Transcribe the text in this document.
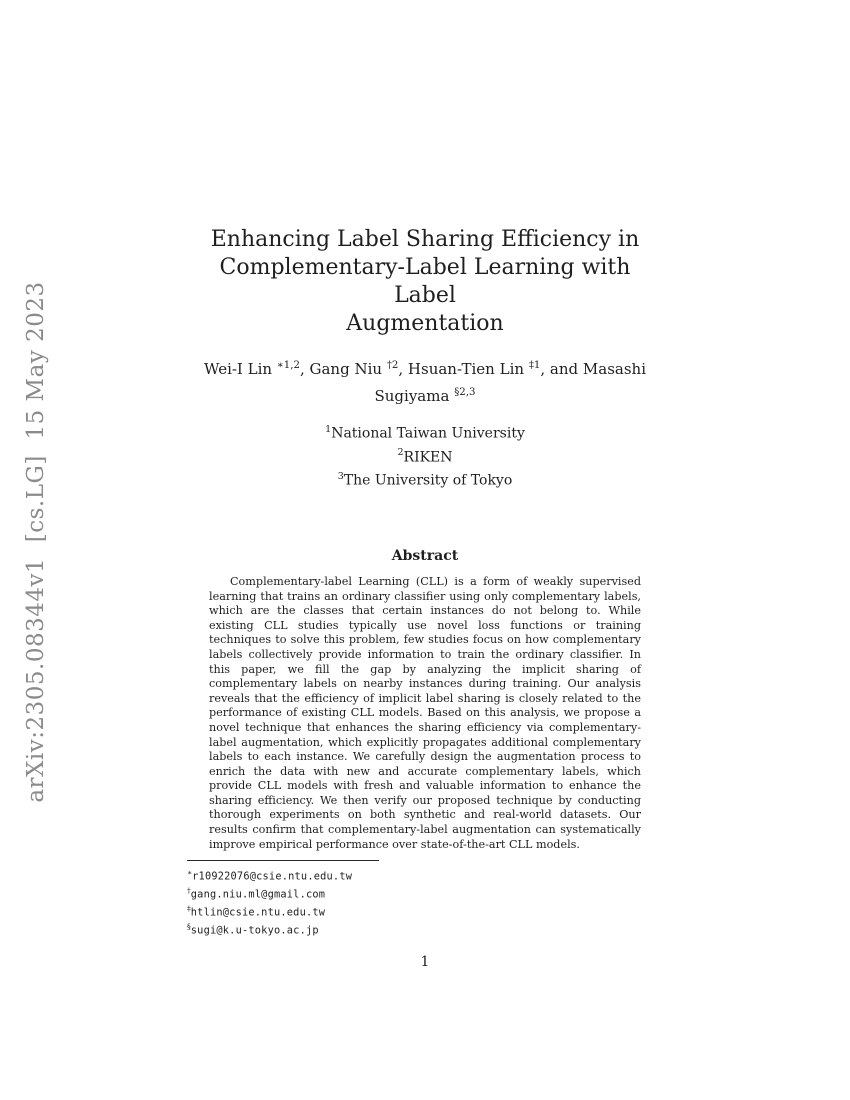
arXiv:2305.08344v1  [cs.LG]  15 May 2023
Enhancing Label Sharing Efficiency in
Complementary-Label Learning with Label
Augmentation
Wei-I Lin $^{∗1,2}$, Gang Niu $^{\dagger 2}$, Hsuan-Tien Lin $^{\ddagger 1}$, and Masashi
Sugiyama $^{\S 2,3}$
$^1$National Taiwan University
$^2$RIKEN
$^3$The University of Tokyo
Abstract

Complementary-label Learning (CLL) is a form of weakly supervised learning that trains an ordinary classifier using only complementary labels, which are the classes that certain instances do not belong to. While existing CLL studies typically use novel loss functions or training techniques to solve this problem, few studies focus on how complementary labels collectively provide information to train the ordinary classifier. In this paper, we fill the gap by analyzing the implicit sharing of complementary labels on nearby instances during training. Our analysis reveals that the efficiency of implicit label sharing is closely related to the performance of existing CLL models. Based on this analysis, we propose a novel technique that enhances the sharing efficiency via complementary-label augmentation, which explicitly propagates additional complementary labels to each instance. We carefully design the augmentation process to enrich the data with new and accurate complementary labels, which provide CLL models with fresh and valuable information to enhance the sharing efficiency. We then verify our proposed technique by conducting thorough experiments on both synthetic and real-world datasets. Our results confirm that complementary-label augmentation can systematically improve empirical performance over state-of-the-art CLL models.

∗r10922076@csie.ntu.edu.tw
†gang.niu.ml@gmail.com
‡htlin@csie.ntu.edu.tw
§sugi@k.u-tokyo.ac.jp
1
